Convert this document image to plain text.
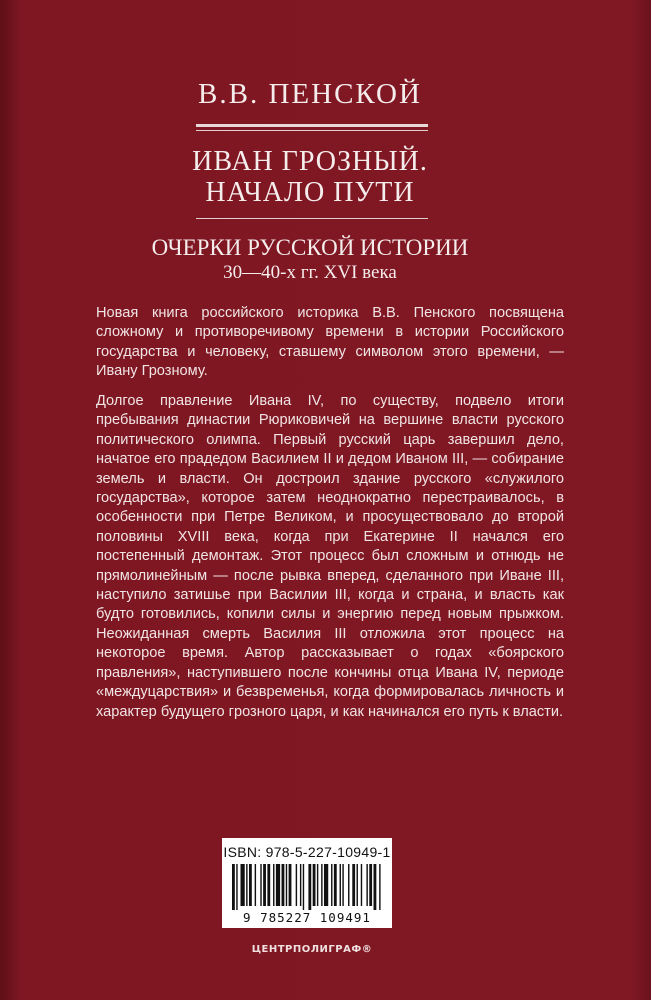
В.В. ПЕНСКОЙ
ИВАН ГРОЗНЫЙ.
НАЧАЛО ПУТИ
ОЧЕРКИ РУССКОЙ ИСТОРИИ
30—40-х гг. XVI века

Новая книга российского историка В.В. Пенского посвящена сложному и противоречивому времени в истории Российского государства и человеку, ставшему символом этого времени, — Ивану Грозному.

Долгое правление Ивана IV, по существу, подвело итоги пребывания династии Рюриковичей на вершине власти русского политического олимпа. Первый русский царь завершил дело, начатое его прадедом Василием II и дедом Иваном III, — собирание земель и власти. Он достроил здание русского «служилого государства», которое затем неоднократно перестраивалось, в особенности при Петре Великом, и просуществовало до второй половины XVIII века, когда при Екатерине II начался его постепенный демонтаж. Этот процесс был сложным и отнюдь не прямолинейным — после рывка вперед, сделанного при Иване III, наступило затишье при Василии III, когда и страна, и власть как будто готовились, копили силы и энергию перед новым прыжком. Неожиданная смерть Василия III отложила этот процесс на некоторое время. Автор рассказывает о годах «боярского правления», наступившего после кончины отца Ивана IV, периоде «междуцарствия» и безвременья, когда формировалась личность и характер будущего грозного царя, и как начинался его путь к власти.

ISBN: 978-5-227-10949-1
9 785227 109491
ЦЕНТРПОЛИГРАФ®
